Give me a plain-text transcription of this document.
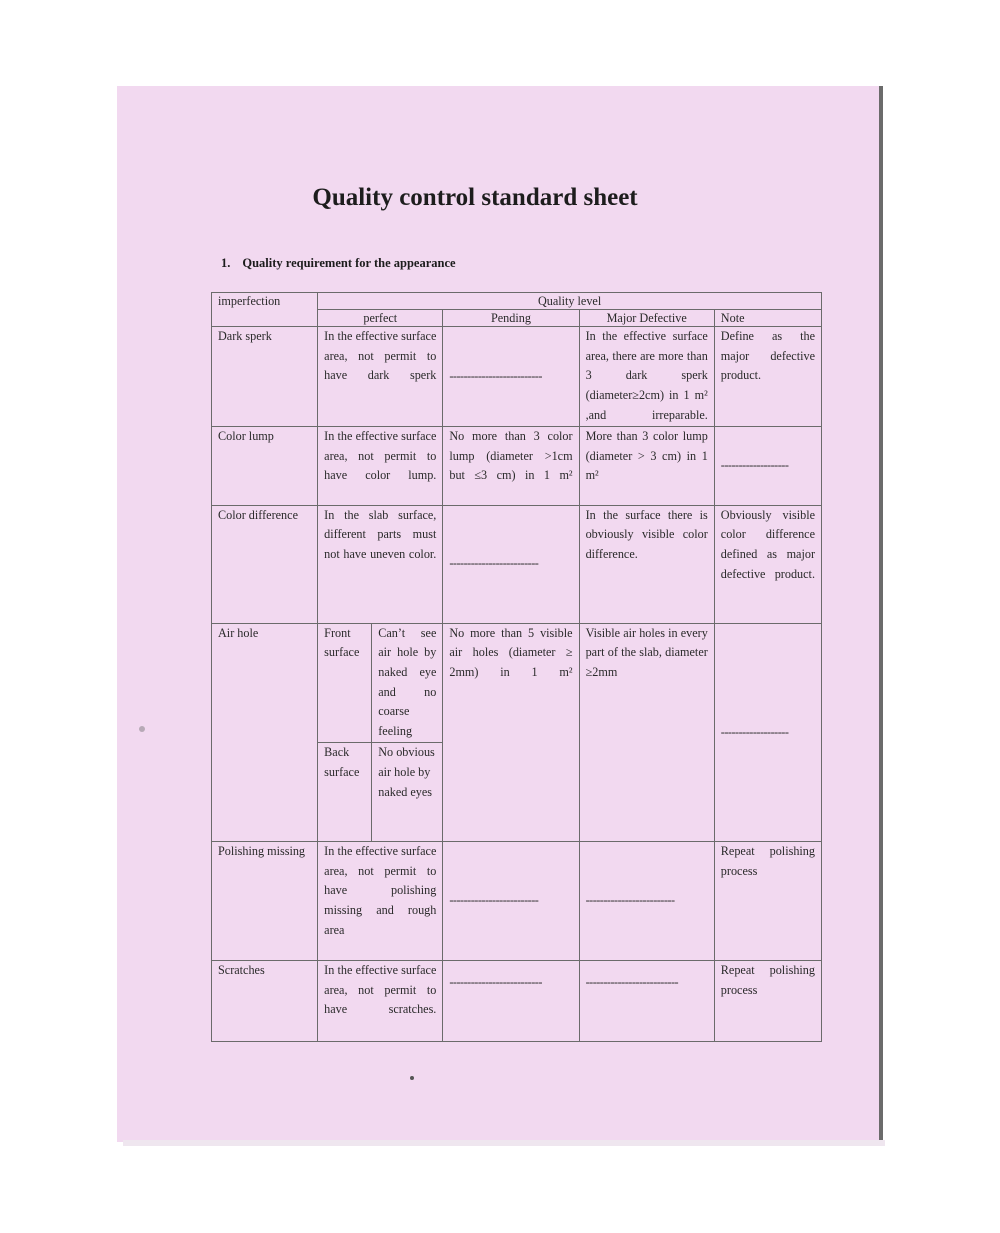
Quality control standard sheet
1. Quality requirement for the appearance
imperfection		Quality level

perfect	Pending	Major Defective	Note
Dark sperk	In the effective surface area, not permit to have dark sperk	--------------------------	In the effective surface area, there are more than 3 dark sperk (diameter≥2cm) in 1 m² ,and irreparable.	Define as the major defective product.
Color lump	In the effective surface area, not permit to have color lump.	No more than 3 color lump (diameter >1cm but ≤3 cm) in 1 m²	More than 3 color lump (diameter > 3 cm) in 1 m²	-------------------
Color difference	In the slab surface, different parts must not have uneven color.	-------------------------	In the surface there is obviously visible color difference.	Obviously visible color difference defined as major defective product.
Air hole	Front surface	Can’t see air hole by naked eye and no coarse feeling	No more than 5 visible air holes (diameter ≥ 2mm) in 1 m²	Visible air holes in every part of the slab, diameter ≥2mm	-------------------
Back surface	No obvious air hole by naked eyes
Polishing missing	In the effective surface area, not permit to have polishing missing and rough area	-------------------------	-------------------------	Repeat polishing process
Scratches	In the effective surface area, not permit to have scratches.	--------------------------	--------------------------	Repeat polishing process
